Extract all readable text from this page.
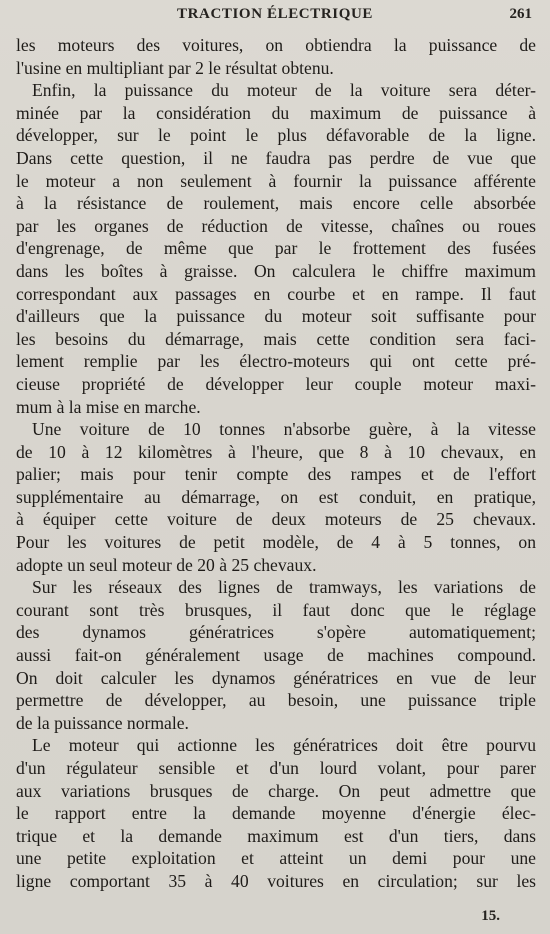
TRACTION ÉLECTRIQUE	261
les moteurs des voitures, on obtiendra la puissance de
l'usine en multipliant par 2 le résultat obtenu.
Enfin, la puissance du moteur de la voiture sera déter-
minée par la considération du maximum de puissance à
développer, sur le point le plus défavorable de la ligne.
Dans cette question, il ne faudra pas perdre de vue que
le moteur a non seulement à fournir la puissance afférente
à la résistance de roulement, mais encore celle absorbée
par les organes de réduction de vitesse, chaînes ou roues
d'engrenage, de même que par le frottement des fusées
dans les boîtes à graisse. On calculera le chiffre maximum
correspondant aux passages en courbe et en rampe. Il faut
d'ailleurs que la puissance du moteur soit suffisante pour
les besoins du démarrage, mais cette condition sera faci-
lement remplie par les électro-moteurs qui ont cette pré-
cieuse propriété de développer leur couple moteur maxi-
mum à la mise en marche.
Une voiture de 10 tonnes n'absorbe guère, à la vitesse
de 10 à 12 kilomètres à l'heure, que 8 à 10 chevaux, en
palier; mais pour tenir compte des rampes et de l'effort
supplémentaire au démarrage, on est conduit, en pratique,
à équiper cette voiture de deux moteurs de 25 chevaux.
Pour les voitures de petit modèle, de 4 à 5 tonnes, on
adopte un seul moteur de 20 à 25 chevaux.
Sur les réseaux des lignes de tramways, les variations de
courant sont très brusques, il faut donc que le réglage
des dynamos génératrices s'opère automatiquement;
aussi fait-on généralement usage de machines compound.
On doit calculer les dynamos génératrices en vue de leur
permettre de développer, au besoin, une puissance triple
de la puissance normale.
Le moteur qui actionne les génératrices doit être pourvu
d'un régulateur sensible et d'un lourd volant, pour parer
aux variations brusques de charge. On peut admettre que
le rapport entre la demande moyenne d'énergie élec-
trique et la demande maximum est d'un tiers, dans
une petite exploitation et atteint un demi pour une
ligne comportant 35 à 40 voitures en circulation; sur les
15.
